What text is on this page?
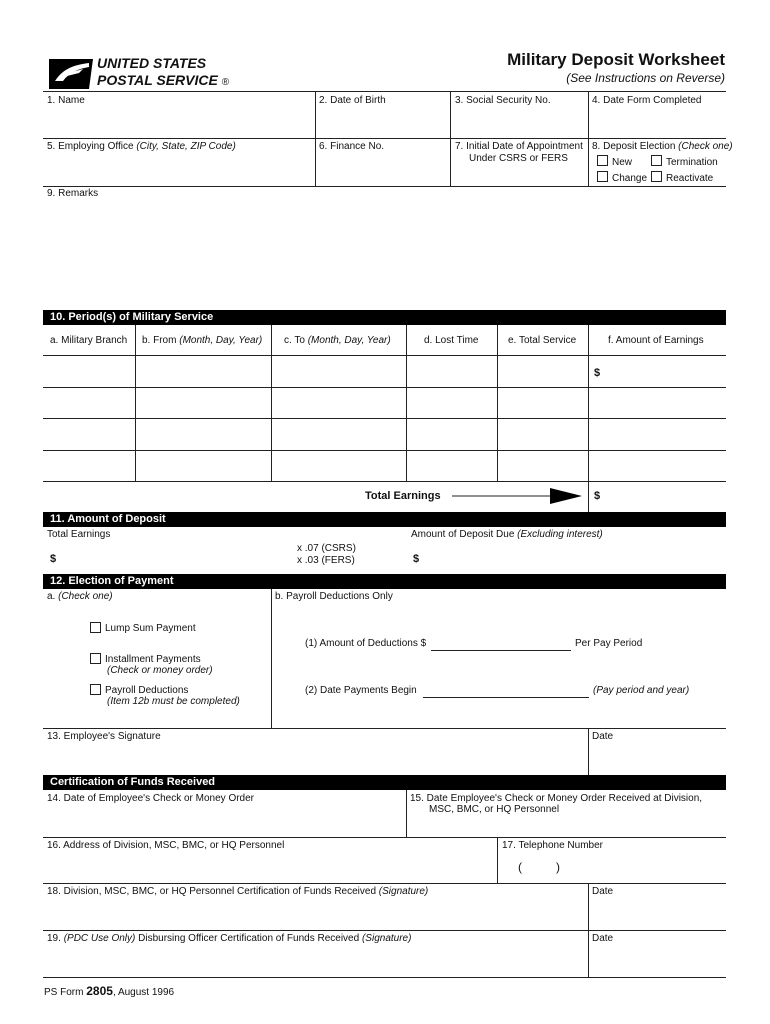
UNITED STATES
POSTAL SERVICE ®
Military Deposit Worksheet
(See Instructions on Reverse)
1. Name	2. Date of Birth	3. Social Security No.	4. Date Form Completed
5. Employing Office (City, State, ZIP Code)	6. Finance No.	7. Initial Date of Appointment
Under CSRS or FERS
8. Deposit Election (Check one)
New	Termination
Change Reactivate
9. Remarks
10. Period(s) of Military Service
a. Military Branch b. From (Month, Day, Year) c. To (Month, Day, Year)	d. Lost Time	e. Total Service	f. Amount of Earnings
$
Total Earnings	$
11. Amount of Deposit
Total Earnings
$
x .07 (CSRS)
x .03 (FERS)
Amount of Deposit Due (Excluding interest)
$
12. Election of Payment
a. (Check one)	b. Payroll Deductions Only
Lump Sum Payment
Installment Payments
(Check or money order)
Payroll Deductions
(Item 12b must be completed)
(1) Amount of Deductions $	Per Pay Period
(2) Date Payments Begin	(Pay period and year)
13. Employee's Signature	Date
Certification of Funds Received
14. Date of Employee's Check or Money Order	15. Date Employee's Check or Money Order Received at Division,
MSC, BMC, or HQ Personnel
16. Address of Division, MSC, BMC, or HQ Personnel	17. Telephone Number
(	)
18. Division, MSC, BMC, or HQ Personnel Certification of Funds Received (Signature)	Date
19. (PDC Use Only) Disbursing Officer Certification of Funds Received (Signature)	Date
PS Form 2805, August 1996
